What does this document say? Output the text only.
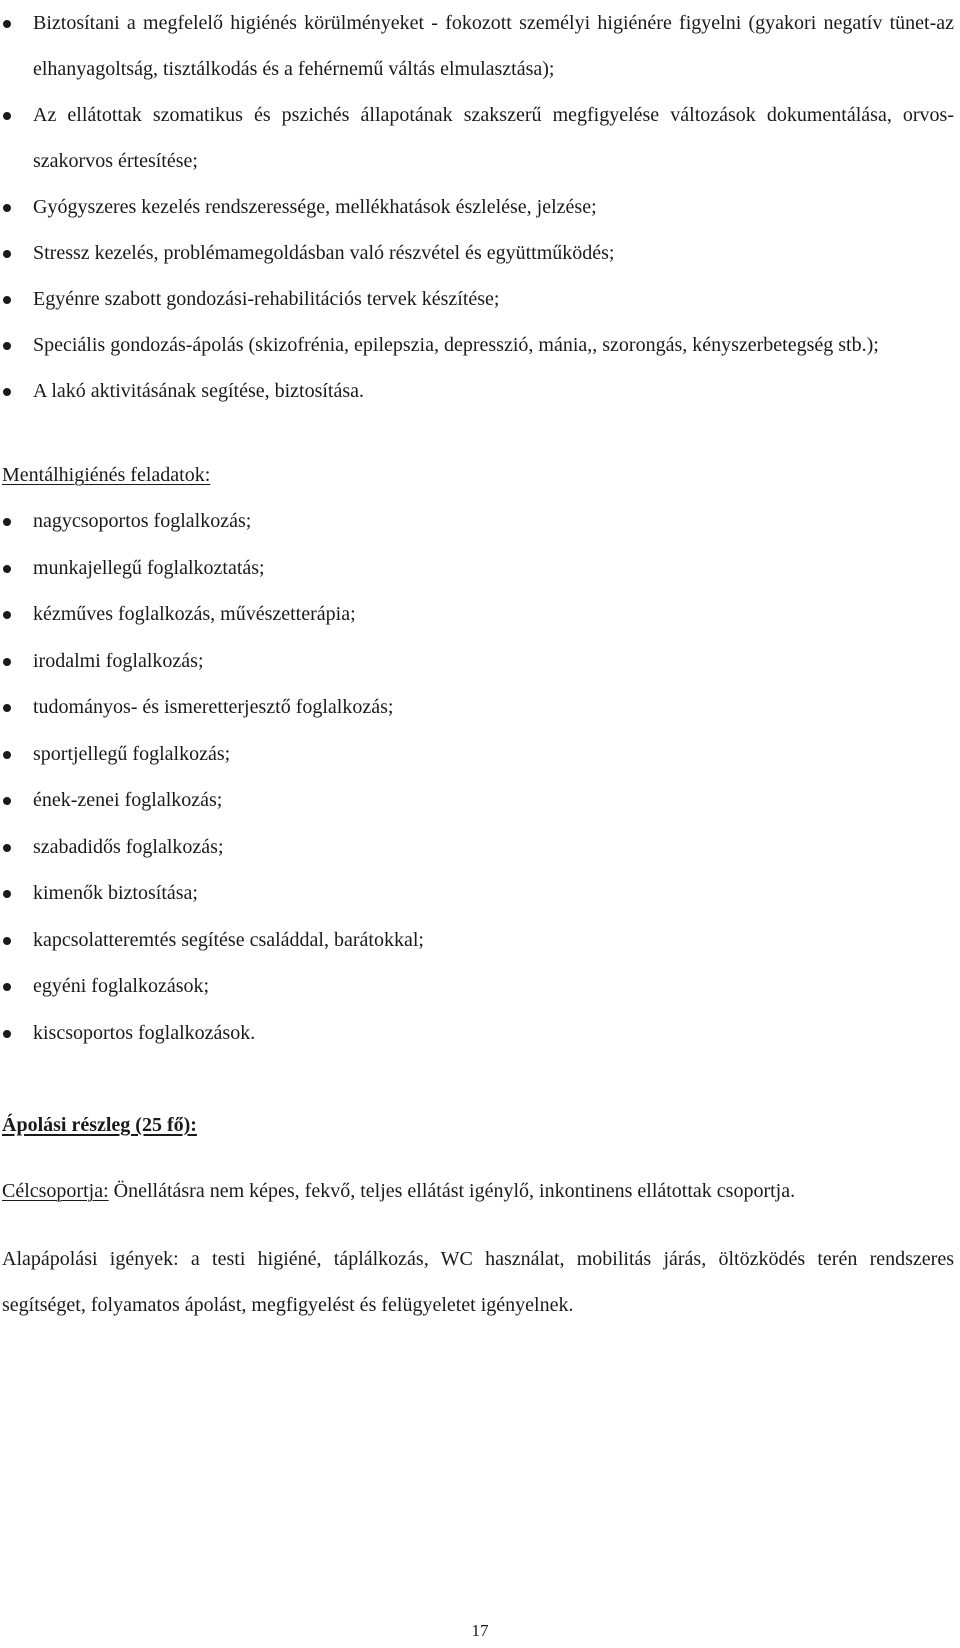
Biztosítani a megfelelő higiénés körülményeket - fokozott személyi higiénére figyelni (gyakori negatív tünet-az elhanyagoltság, tisztálkodás és a fehérnemű váltás elmulasztása);
Az ellátottak szomatikus és pszichés állapotának szakszerű megfigyelése változások dokumentálása, orvos-szakorvos értesítése;
Gyógyszeres kezelés rendszeressége, mellékhatások észlelése, jelzése;
Stressz kezelés, problémamegoldásban való részvétel és együttműködés;
Egyénre szabott gondozási-rehabilitációs tervek készítése;
Speciális gondozás-ápolás (skizofrénia, epilepszia, depresszió, mánia,, szorongás, kényszerbetegség stb.);
A lakó aktivitásának segítése, biztosítása.
Mentálhigiénés feladatok:
nagycsoportos foglalkozás;
munkajellegű foglalkoztatás;
kézműves foglalkozás, művészetterápia;
irodalmi foglalkozás;
tudományos- és ismeretterjesztő foglalkozás;
sportjellegű foglalkozás;
ének-zenei foglalkozás;
szabadidős foglalkozás;
kimenők biztosítása;
kapcsolatteremtés segítése családdal, barátokkal;
egyéni foglalkozások;
kiscsoportos foglalkozások.
Ápolási részleg (25 fő):

Célcsoportja: Önellátásra nem képes, fekvő, teljes ellátást igénylő, inkontinens ellátottak csoportja.

Alapápolási igények: a testi higiéné, táplálkozás, WC használat, mobilitás járás, öltözködés terén rendszeres segítséget, folyamatos ápolást, megfigyelést és felügyeletet igényelnek.

17
